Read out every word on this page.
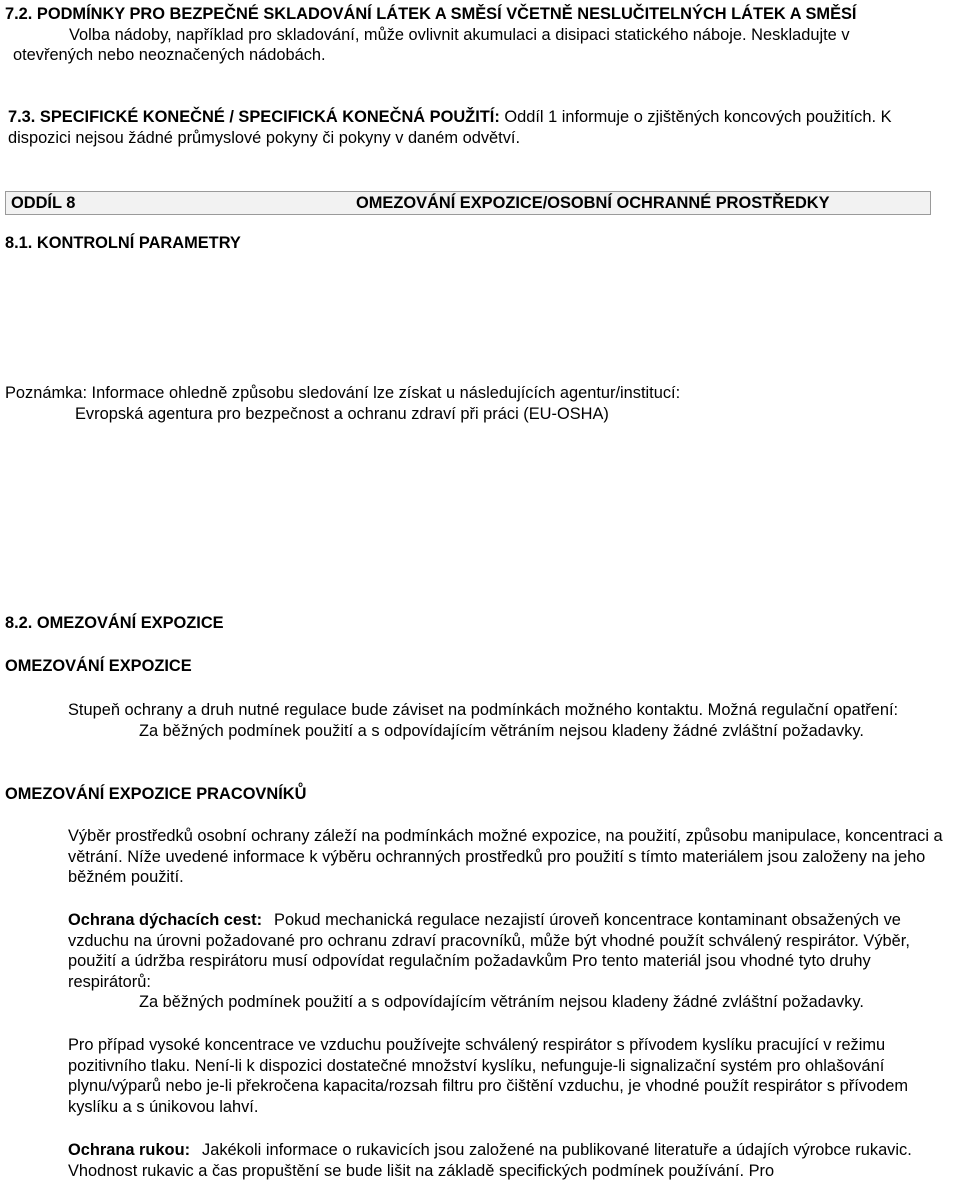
7.2. PODMÍNKY PRO BEZPEČNÉ SKLADOVÁNÍ LÁTEK A SMĚSÍ VČETNĚ NESLUČITELNÝCH LÁTEK A SMĚSÍ
Volba nádoby, například pro skladování, může ovlivnit akumulaci a disipaci statického náboje. Neskladujte v
otevřených nebo neoznačených nádobách.
7.3. SPECIFICKÉ KONEČNÉ / SPECIFICKÁ KONEČNÁ POUŽITÍ: Oddíl 1 informuje o zjištěných koncových použitích. K dispozici nejsou žádné průmyslové pokyny či pokyny v daném odvětví.
ODDÍL 8	OMEZOVÁNÍ EXPOZICE/OSOBNÍ OCHRANNÉ PROSTŘEDKY
8.1. KONTROLNÍ PARAMETRY
Poznámka: Informace ohledně způsobu sledování lze získat u následujících agentur/institucí:
Evropská agentura pro bezpečnost a ochranu zdraví při práci (EU-OSHA)
8.2. OMEZOVÁNÍ EXPOZICE
OMEZOVÁNÍ EXPOZICE
Stupeň ochrany a druh nutné regulace bude záviset na podmínkách možného kontaktu. Možná regulační opatření:
Za běžných podmínek použití a s odpovídajícím větráním nejsou kladeny žádné zvláštní požadavky.
OMEZOVÁNÍ EXPOZICE PRACOVNÍKŮ
Výběr prostředků osobní ochrany záleží na podmínkách možné expozice, na použití, způsobu manipulace, koncentraci a větrání. Níže uvedené informace k výběru ochranných prostředků pro použití s tímto materiálem jsou založeny na jeho běžném použití.
Ochrana dýchacích cest: Pokud mechanická regulace nezajistí úroveň koncentrace kontaminant obsažených ve vzduchu na úrovni požadované pro ochranu zdraví pracovníků, může být vhodné použít schválený respirátor. Výběr, použití a údržba respirátoru musí odpovídat regulačním požadavkům Pro tento materiál jsou vhodné tyto druhy respirátorů:
Za běžných podmínek použití a s odpovídajícím větráním nejsou kladeny žádné zvláštní požadavky.
Pro případ vysoké koncentrace ve vzduchu používejte schválený respirátor s přívodem kyslíku pracující v režimu pozitivního tlaku. Není-li k dispozici dostatečné množství kyslíku, nefunguje-li signalizační systém pro ohlašování plynu/výparů nebo je-li překročena kapacita/rozsah filtru pro čištění vzduchu, je vhodné použít respirátor s přívodem kyslíku a s únikovou lahví.
Ochrana rukou: Jakékoli informace o rukavicích jsou založené na publikované literatuře a údajích výrobce rukavic. Vhodnost rukavic a čas propuštění se bude lišit na základě specifických podmínek používání. Pro
